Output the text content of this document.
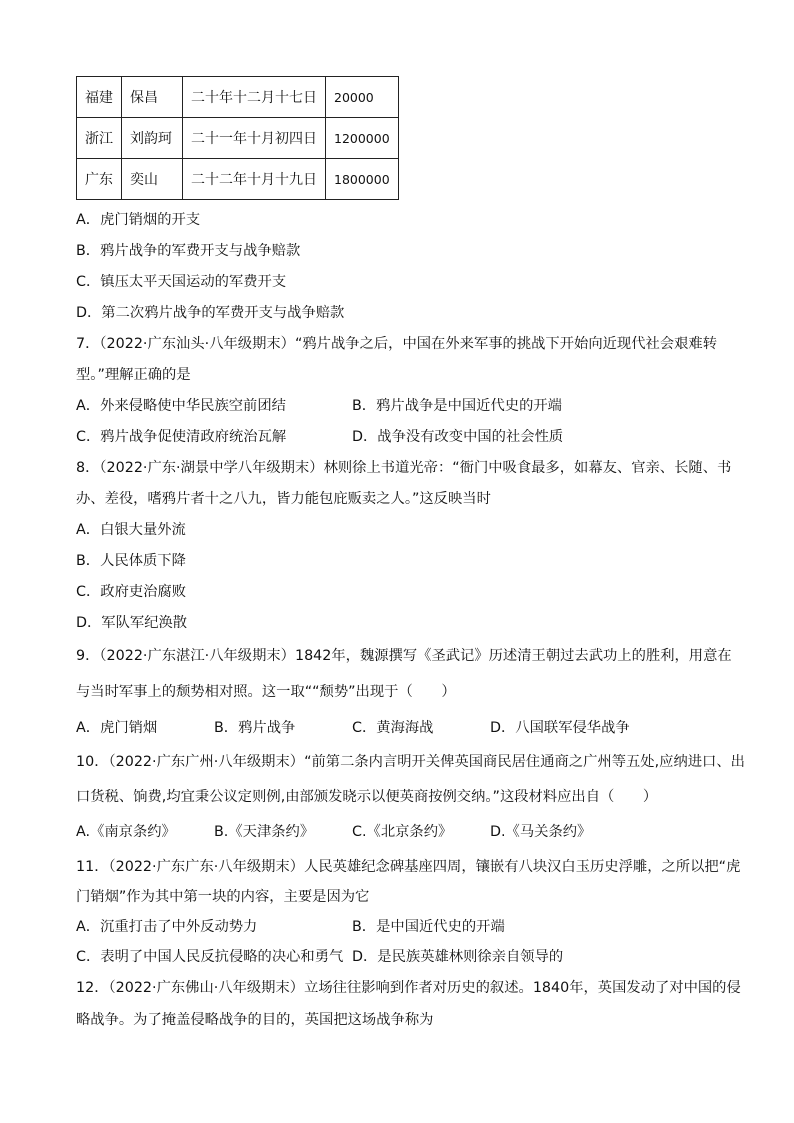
福建	保昌	二十年十二月十七日	20000
浙江	刘韵珂	二十一年十月初四日	1200000
广东	奕山	二十二年十月十九日	1800000
A．虎门销烟的开支
B．鸦片战争的军费开支与战争赔款
C．镇压太平天国运动的军费开支
D．第二次鸦片战争的军费开支与战争赔款
7．（2022·广东汕头·八年级期末）“鸦片战争之后，中国在外来军事的挑战下开始向近现代社会艰难转
型。”理解正确的是
A．外来侵略使中华民族空前团结	B．鸦片战争是中国近代史的开端
C．鸦片战争促使清政府统治瓦解	D．战争没有改变中国的社会性质
8．（2022·广东·湖景中学八年级期末）林则徐上书道光帝：“衙门中吸食最多，如幕友、官亲、长随、书
办、差役，嗜鸦片者十之八九，皆力能包庇贩卖之人。”这反映当时
A．白银大量外流
B．人民体质下降
C．政府吏治腐败
D．军队军纪涣散
9．（2022·广东湛江·八年级期末）1842年，魏源撰写《圣武记》历述清王朝过去武功上的胜利，用意在
与当时军事上的颓势相对照。这一取““颓势”出现于（　　）
A．虎门销烟	B．鸦片战争	C．黄海海战	D．八国联军侵华战争
10．（2022·广东广州·八年级期末）“前第二条内言明开关俾英国商民居住通商之广州等五处,应纳进口、出
口货税、饷费,均宜秉公议定则例,由部颁发晓示以便英商按例交纳。”这段材料应出自（　　）
A.《南京条约》	B.《天津条约》	C.《北京条约》	D.《马关条约》
11．（2022·广东广东·八年级期末）人民英雄纪念碑基座四周，镶嵌有八块汉白玉历史浮雕，之所以把“虎
门销烟”作为其中第一块的内容，主要是因为它
A．沉重打击了中外反动势力	B．是中国近代史的开端
C．表明了中国人民反抗侵略的决心和勇气 D．是民族英雄林则徐亲自领导的
12．（2022·广东佛山·八年级期末）立场往往影响到作者对历史的叙述。1840年，英国发动了对中国的侵
略战争。为了掩盖侵略战争的目的，英国把这场战争称为
